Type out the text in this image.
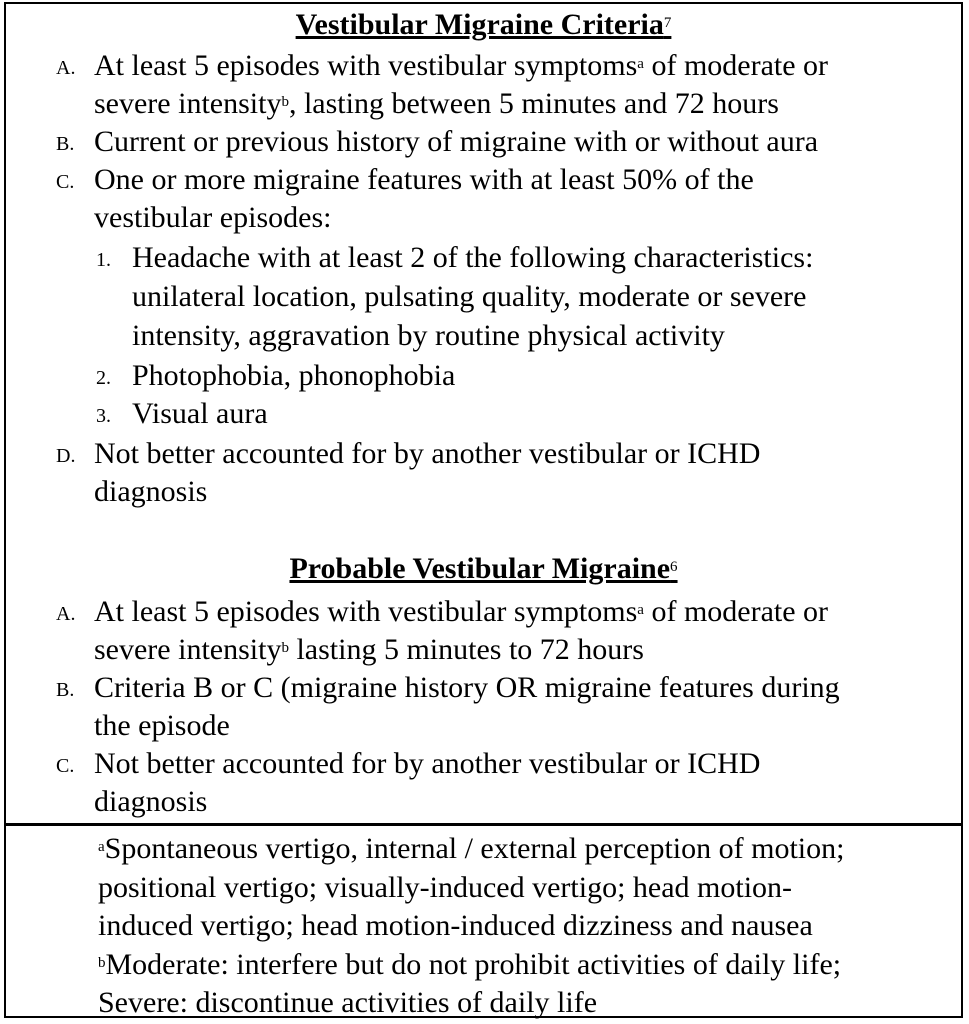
Vestibular Migraine Criteria$^7$
A. At least 5 episodes with vestibular symptoms$^a$ of moderate or
severe intensity$^b$, lasting between 5 minutes and 72 hours
B. Current or previous history of migraine with or without aura
C. One or more migraine features with at least 50% of the
vestibular episodes:
1. Headache with at least 2 of the following characteristics:
unilateral location, pulsating quality, moderate or severe
intensity, aggravation by routine physical activity
2. Photophobia, phonophobia
3. Visual aura
D. Not better accounted for by another vestibular or ICHD
diagnosis
Probable Vestibular Migraine$^6$
A. At least 5 episodes with vestibular symptoms$^a$ of moderate or
severe intensity$^b$ lasting 5 minutes to 72 hours
B. Criteria B or C (migraine history OR migraine features during
the episode
C. Not better accounted for by another vestibular or ICHD
diagnosis
$^a$Spontaneous vertigo, internal / external perception of motion;
positional vertigo; visually-induced vertigo; head motion-
induced vertigo; head motion-induced dizziness and nausea
$^b$Moderate: interfere but do not prohibit activities of daily life;
Severe: discontinue activities of daily life
